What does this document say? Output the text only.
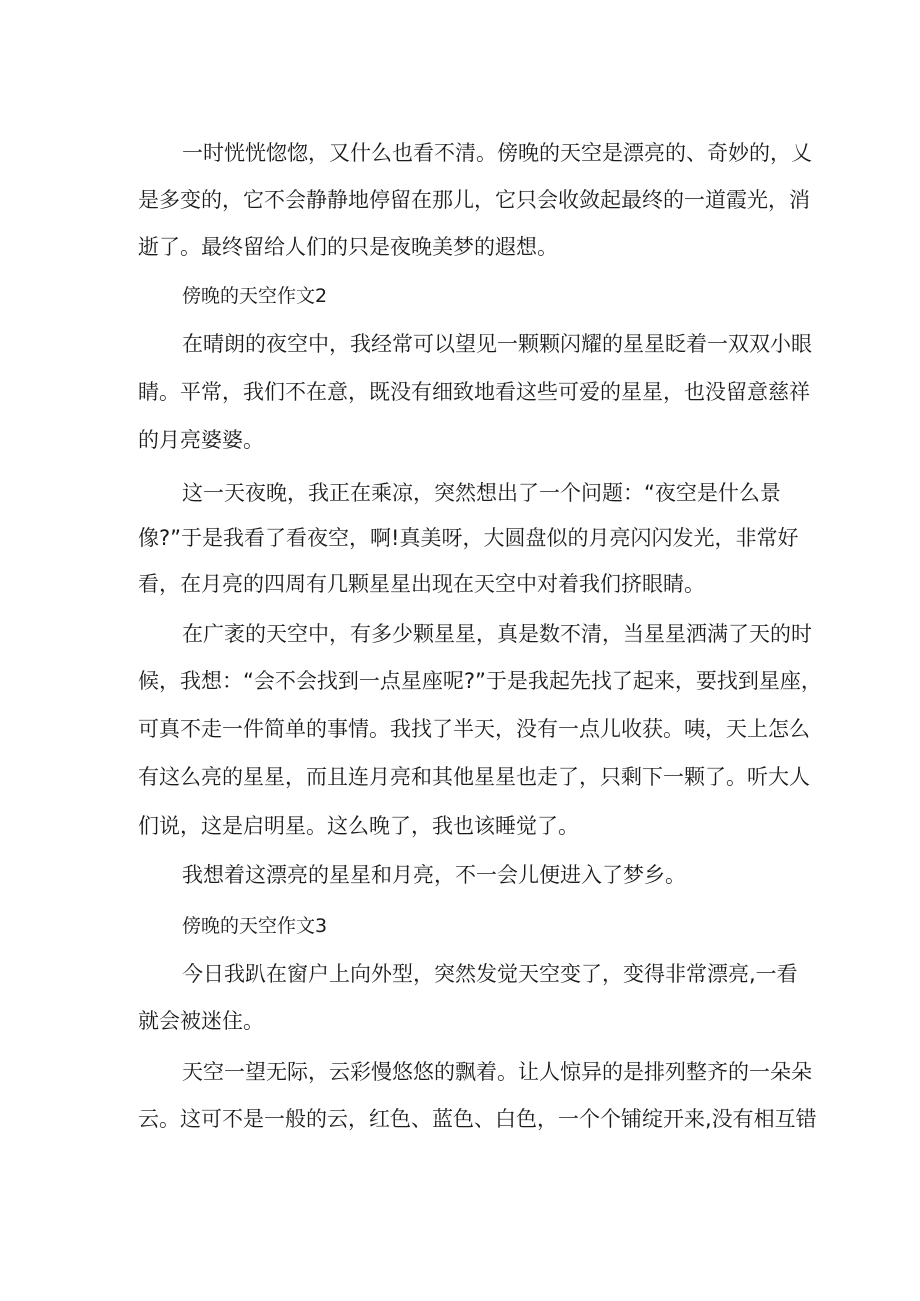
一时恍恍惚惚，又什么也看不清。傍晚的天空是漂亮的、奇妙的，乂

是多变的，它不会静静地停留在那儿，它只会收敛起最终的一道霞光，消

逝了。最终留给人们的只是夜晚美梦的遐想。

傍晚的天空作文2

在晴朗的夜空中，我经常可以望见一颗颗闪耀的星星眨着一双双小眼

睛。平常，我们不在意，既没有细致地看这些可爱的星星，也没留意慈祥

的月亮婆婆。

这一天夜晚，我正在乘凉，突然想出了一个问题：“夜空是什么景

像?”于是我看了看夜空，啊!真美呀，大圆盘似的月亮闪闪发光，非常好

看，在月亮的四周有几颗星星出现在天空中对着我们挤眼睛。

在广袤的天空中，有多少颗星星，真是数不清，当星星洒满了天的时

候，我想：“会不会找到一点星座呢?”于是我起先找了起来，要找到星座，

可真不走一件简单的事情。我找了半天，没有一点儿收获。咦，天上怎么

有这么亮的星星，而且连月亮和其他星星也走了，只剩下一颗了。听大人

们说，这是启明星。这么晚了，我也该睡觉了。

我想着这漂亮的星星和月亮，不一会儿便进入了梦乡。

傍晚的天空作文3

今日我趴在窗户上向外型，突然发觉天空变了，变得非常漂亮,一看

就会被迷住。

天空一望无际，云彩慢悠悠的飘着。让人惊异的是排列整齐的一朵朵

云。这可不是一般的云，红色、蓝色、白色，一个个铺绽开来,没有相互错
